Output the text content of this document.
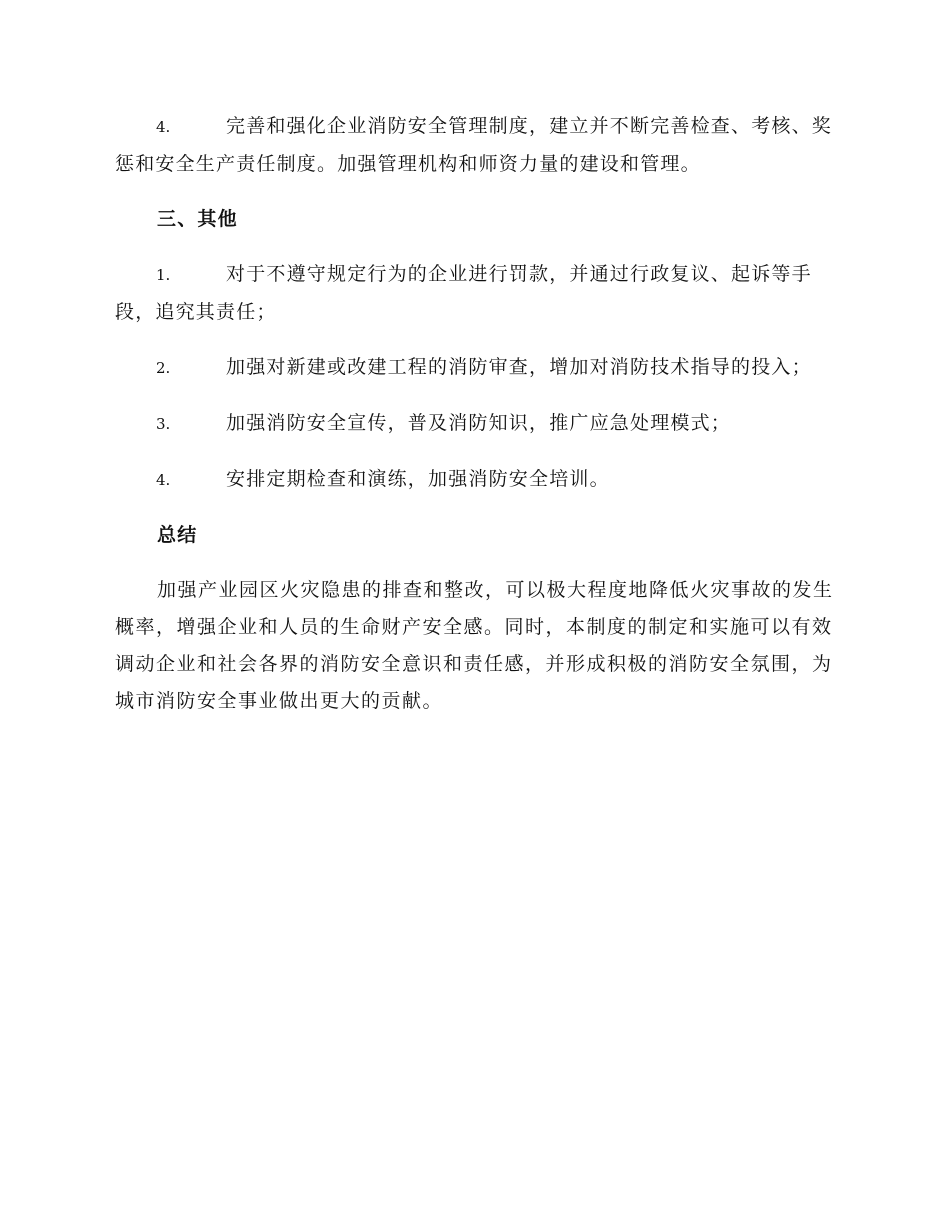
4.	完善和强化企业消防安全管理制度，建立并不断完善检查、考核、奖惩和安全生产责任制度。加强管理机构和师资力量的建设和管理。

三、其他

1.	对于不遵守规定行为的企业进行罚款，并通过行政复议、起诉等手段，追究其责任；

2.	加强对新建或改建工程的消防审查，增加对消防技术指导的投入；

3.	加强消防安全宣传，普及消防知识，推广应急处理模式；

4.	安排定期检查和演练，加强消防安全培训。

总结

加强产业园区火灾隐患的排查和整改，可以极大程度地降低火灾事故的发生概率，增强企业和人员的生命财产安全感。同时，本制度的制定和实施可以有效调动企业和社会各界的消防安全意识和责任感，并形成积极的消防安全氛围，为城市消防安全事业做出更大的贡献。
